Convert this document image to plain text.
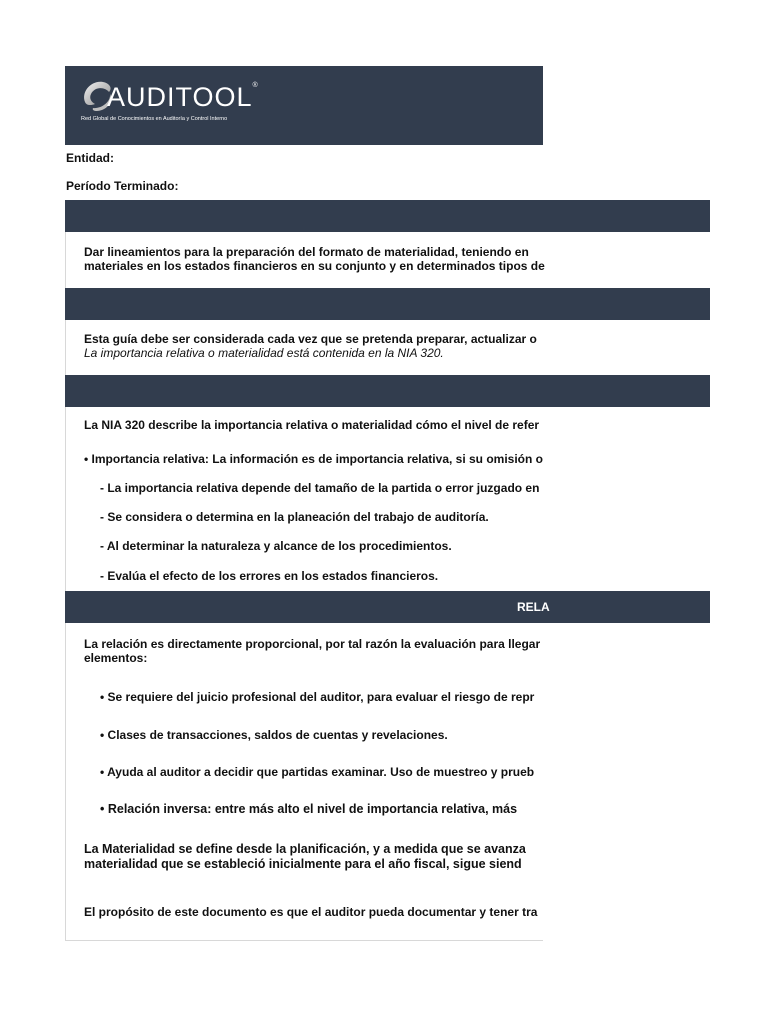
AUDITOOL®
Red Global de Conocimientos en Auditoría y Control Interno
Entidad:
Período Terminado:
Dar lineamientos para la preparación del formato de materialidad, teniendo en
materiales en los estados financieros en su conjunto y en determinados tipos de
Esta guía debe ser considerada cada vez que se pretenda preparar, actualizar o
La importancia relativa o materialidad está contenida en la NIA 320.
La NIA 320 describe la importancia relativa o materialidad cómo el nivel de refer
• Importancia relativa: La información es de importancia relativa, si su omisión o
- La importancia relativa depende del tamaño de la partida o error juzgado en
- Se considera o determina en la planeación del trabajo de auditoría.
- Al determinar la naturaleza y alcance de los procedimientos.
- Evalúa el efecto de los errores en los estados financieros.
RELA
La relación es directamente proporcional, por tal razón la evaluación para llegar
elementos:
• Se requiere del juicio profesional del auditor, para evaluar el riesgo de repr
• Clases de transacciones, saldos de cuentas y revelaciones.
• Ayuda al auditor a decidir que partidas examinar. Uso de muestreo y prueb
• Relación inversa: entre más alto el nivel de importancia relativa, más
La Materialidad se define desde la planificación, y a medida que se avanza
materialidad que se estableció inicialmente para el año fiscal, sigue siend
El propósito de este documento es que el auditor pueda documentar y tener tra
